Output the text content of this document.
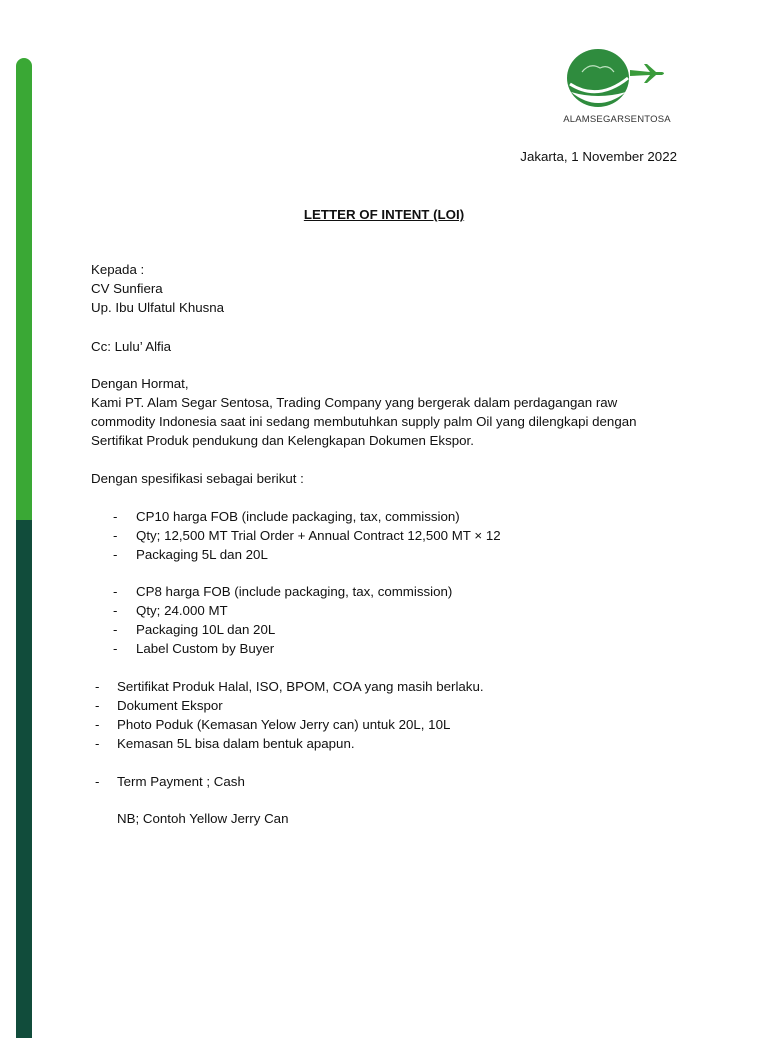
ALAMSEGARSENTOSA
Jakarta, 1 November 2022
LETTER OF INTENT (LOI)
Kepada :
CV Sunfiera
Up. Ibu Ulfatul Khusna
Cc: Lulu’ Alfia
Dengan Hormat,
Kami PT. Alam Segar Sentosa, Trading Company yang bergerak dalam perdagangan raw
commodity Indonesia saat ini sedang membutuhkan supply palm Oil yang dilengkapi dengan
Sertifikat Produk pendukung dan Kelengkapan Dokumen Ekspor.
Dengan spesifikasi sebagai berikut :
- CP10 harga FOB (include packaging, tax, commission)
- Qty; 12,500 MT Trial Order + Annual Contract 12,500 MT × 12
- Packaging 5L dan 20L
- CP8 harga FOB (include packaging, tax, commission)
- Qty; 24.000 MT
- Packaging 10L dan 20L
- Label Custom by Buyer
- Sertifikat Produk Halal, ISO, BPOM, COA yang masih berlaku.
- Dokument Ekspor
- Photo Poduk (Kemasan Yelow Jerry can) untuk 20L, 10L
- Kemasan 5L bisa dalam bentuk apapun.
- Term Payment ; Cash
NB; Contoh Yellow Jerry Can
